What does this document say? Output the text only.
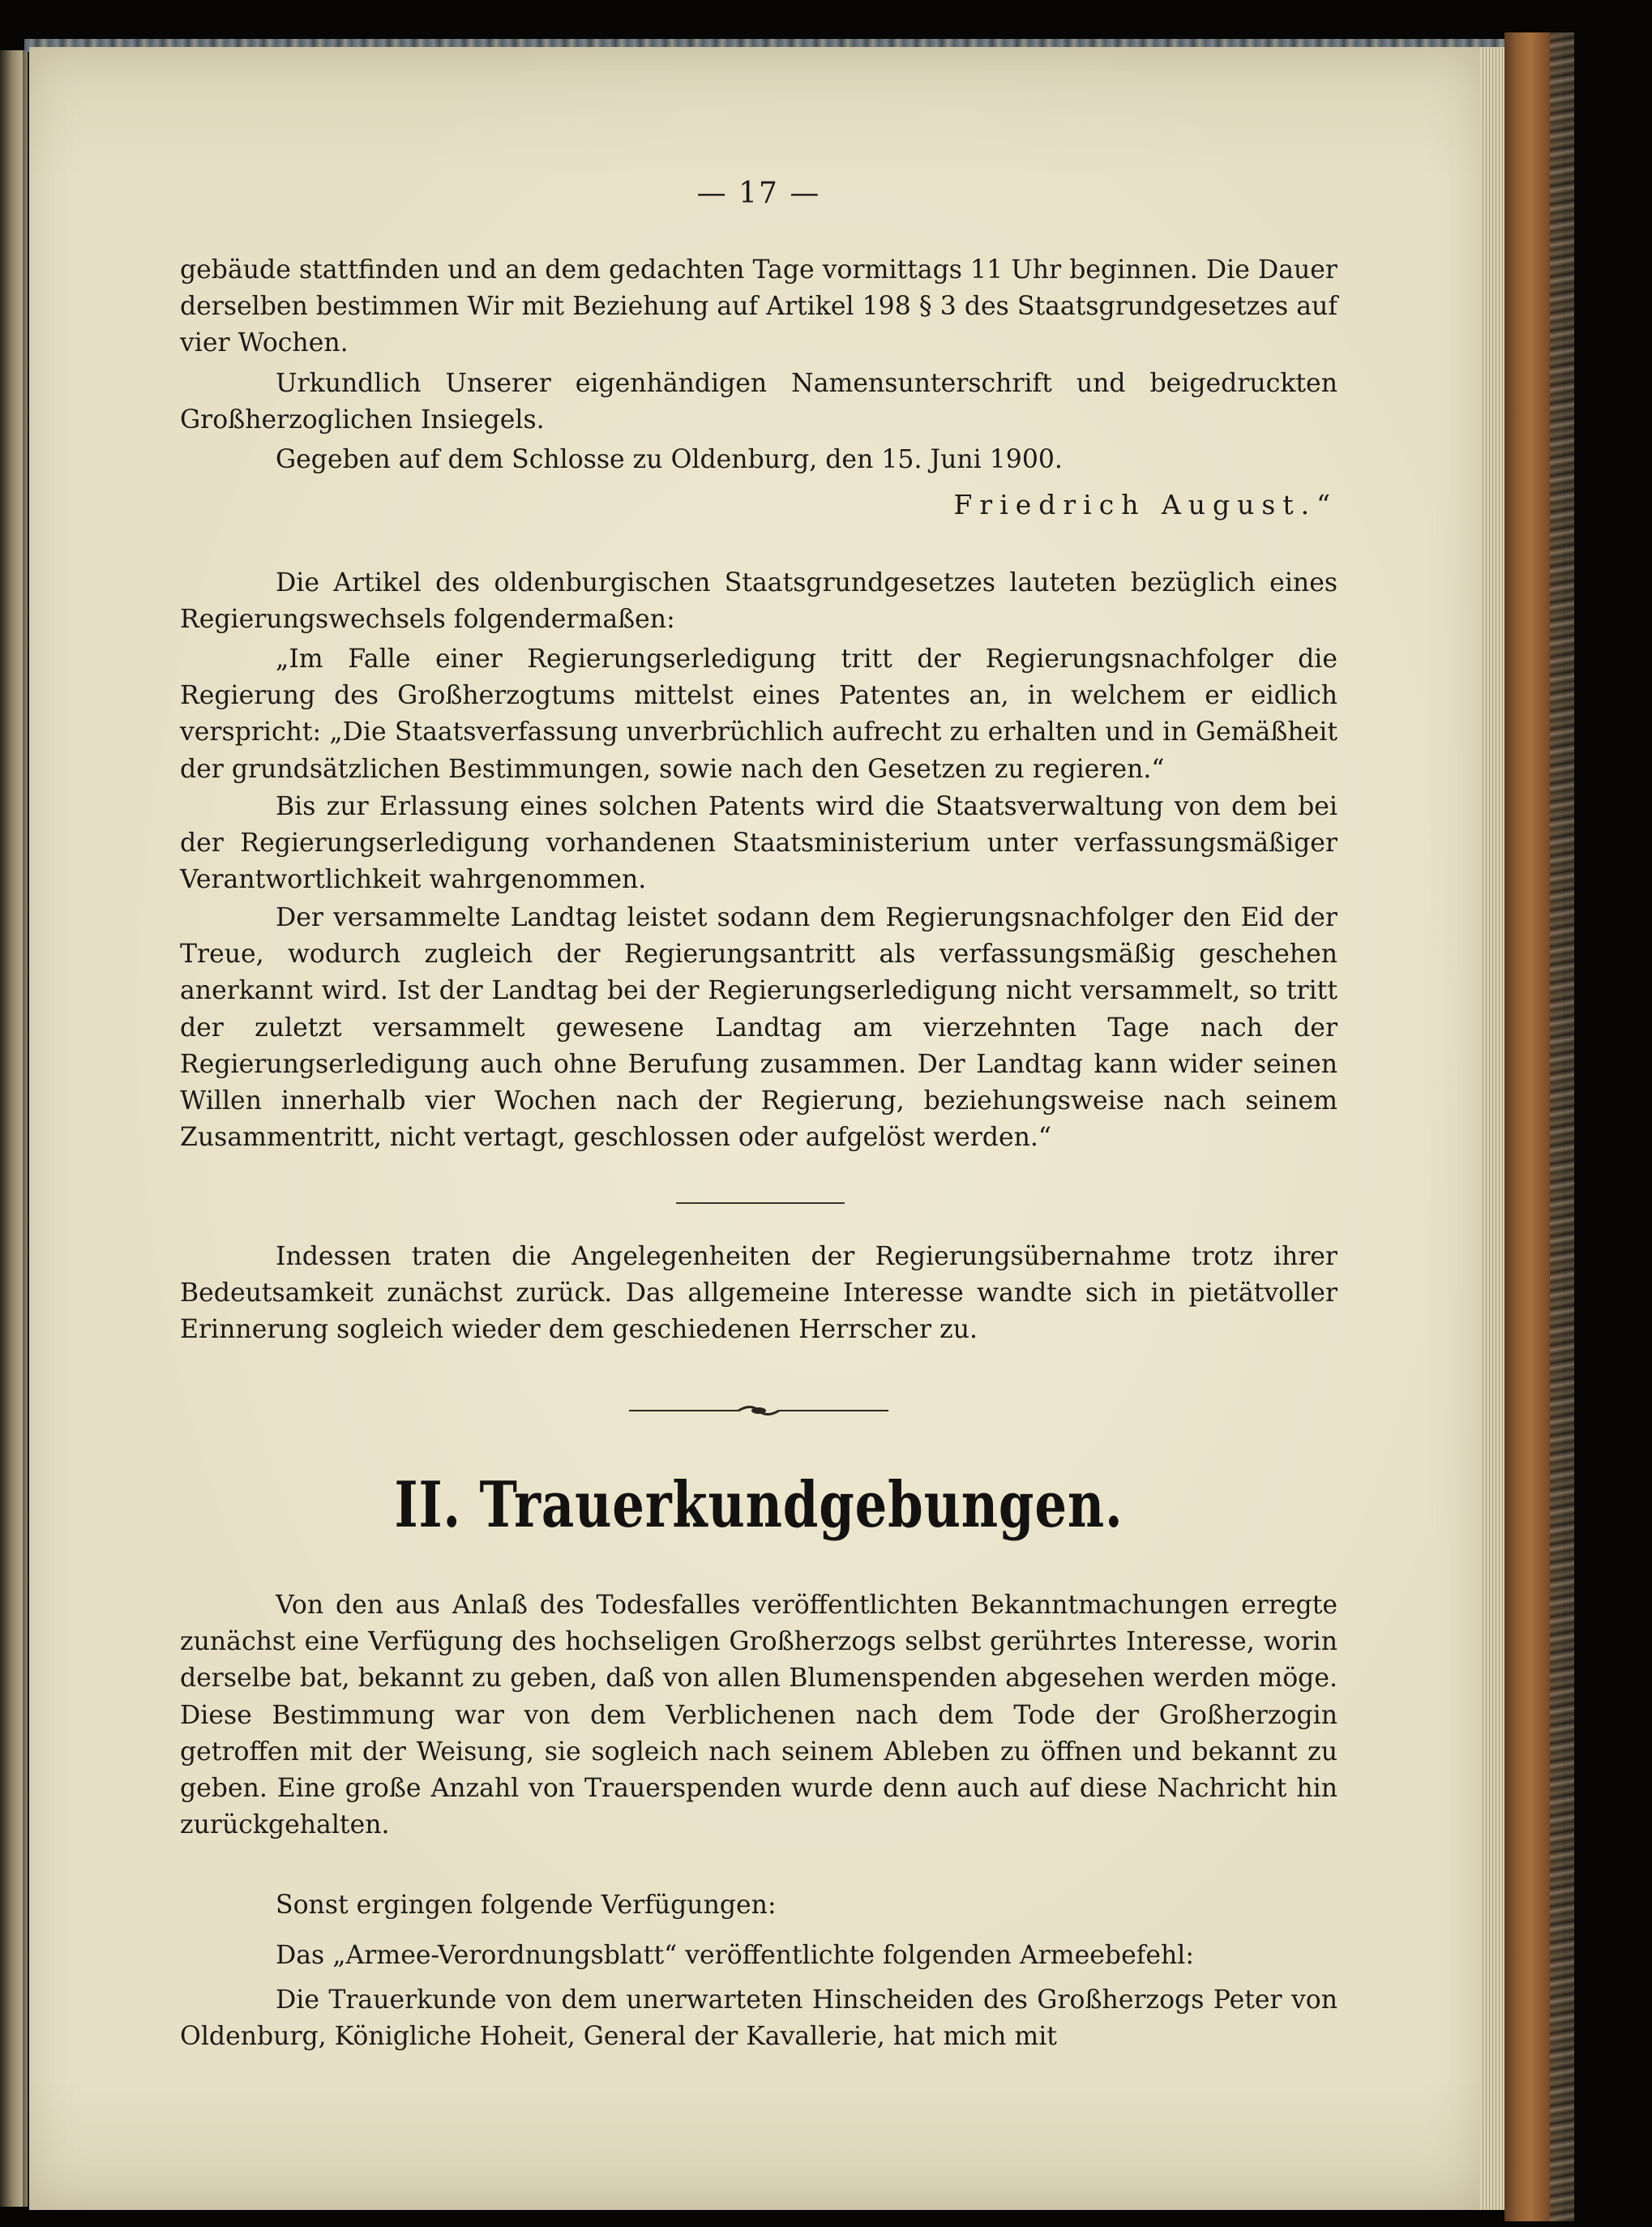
— 17 —

gebäude stattfinden und an dem gedachten Tage vormittags 11 Uhr beginnen. Die Dauer derselben bestimmen Wir mit Beziehung auf Artikel 198 § 3 des Staatsgrundgesetzes auf vier Wochen.

Urkundlich Unserer eigenhändigen Namensunterschrift und beigedruckten Großherzoglichen Insiegels.

Gegeben auf dem Schlosse zu Oldenburg, den 15. Juni 1900.

Friedrich August.“

Die Artikel des oldenburgischen Staatsgrundgesetzes lauteten bezüglich eines Regierungswechsels folgendermaßen:

„Im Falle einer Regierungserledigung tritt der Regierungsnachfolger die Regierung des Großherzogtums mittelst eines Patentes an, in welchem er eidlich verspricht: „Die Staatsverfassung unverbrüchlich aufrecht zu erhalten und in Gemäßheit der grundsätzlichen Bestimmungen, sowie nach den Gesetzen zu regieren.“

Bis zur Erlassung eines solchen Patents wird die Staatsverwaltung von dem bei der Regierungserledigung vorhandenen Staatsministerium unter verfassungsmäßiger Verantwortlichkeit wahrgenommen.

Der versammelte Landtag leistet sodann dem Regierungsnachfolger den Eid der Treue, wodurch zugleich der Regierungsantritt als verfassungsmäßig geschehen anerkannt wird. Ist der Landtag bei der Regierungserledigung nicht versammelt, so tritt der zuletzt versammelt gewesene Landtag am vierzehnten Tage nach der Regierungserledigung auch ohne Berufung zusammen. Der Landtag kann wider seinen Willen innerhalb vier Wochen nach der Regierung, beziehungsweise nach seinem Zusammentritt, nicht vertagt, geschlossen oder aufgelöst werden.“

Indessen traten die Angelegenheiten der Regierungsübernahme trotz ihrer Bedeutsamkeit zunächst zurück. Das allgemeine Interesse wandte sich in pietätvoller Erinnerung sogleich wieder dem geschiedenen Herrscher zu.

II. Trauerkundgebungen.

Von den aus Anlaß des Todesfalles veröffentlichten Bekanntmachungen erregte zunächst eine Verfügung des hochseligen Großherzogs selbst gerührtes Interesse, worin derselbe bat, bekannt zu geben, daß von allen Blumenspenden abgesehen werden möge. Diese Bestimmung war von dem Verblichenen nach dem Tode der Großherzogin getroffen mit der Weisung, sie sogleich nach seinem Ableben zu öffnen und bekannt zu geben. Eine große Anzahl von Trauerspenden wurde denn auch auf diese Nachricht hin zurückgehalten.

Sonst ergingen folgende Verfügungen:

Das „Armee-Verordnungsblatt“ veröffentlichte folgenden Armeebefehl:

Die Trauerkunde von dem unerwarteten Hinscheiden des Großherzogs Peter von Oldenburg, Königliche Hoheit, General der Kavallerie, hat mich mit
